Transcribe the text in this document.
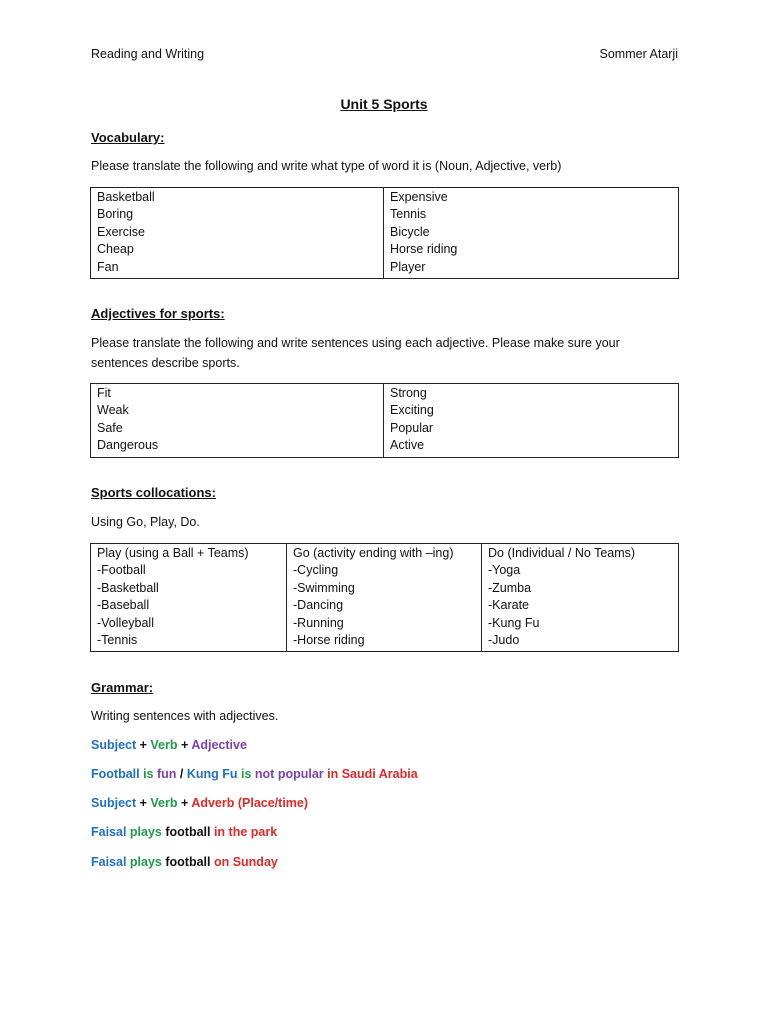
Reading and Writing	Sommer Atarji
Unit 5 Sports
Vocabulary:
Please translate the following and write what type of word it is (Noun, Adjective, verb)
Basketball
Boring
Exercise
Cheap
Fan

Expensive
Tennis
Bicycle
Horse riding
Player
Adjectives for sports:
Please translate the following and write sentences using each adjective. Please make sure your
sentences describe sports.
Fit
Weak
Safe
Dangerous

Strong
Exciting
Popular
Active
Sports collocations:
Using Go, Play, Do.
Play (using a Ball + Teams)
-Football
-Basketball
-Baseball
-Volleyball
-Tennis

Go (activity ending with –ing)
-Cycling
-Swimming
-Dancing
-Running
-Horse riding

Do (Individual / No Teams)
-Yoga
-Zumba
-Karate
-Kung Fu
-Judo
Grammar:
Writing sentences with adjectives.
Subject + Verb + Adjective
Football is fun / Kung Fu is not popular in Saudi Arabia
Subject + Verb + Adverb (Place/time)
Faisal plays football in the park
Faisal plays football on Sunday
